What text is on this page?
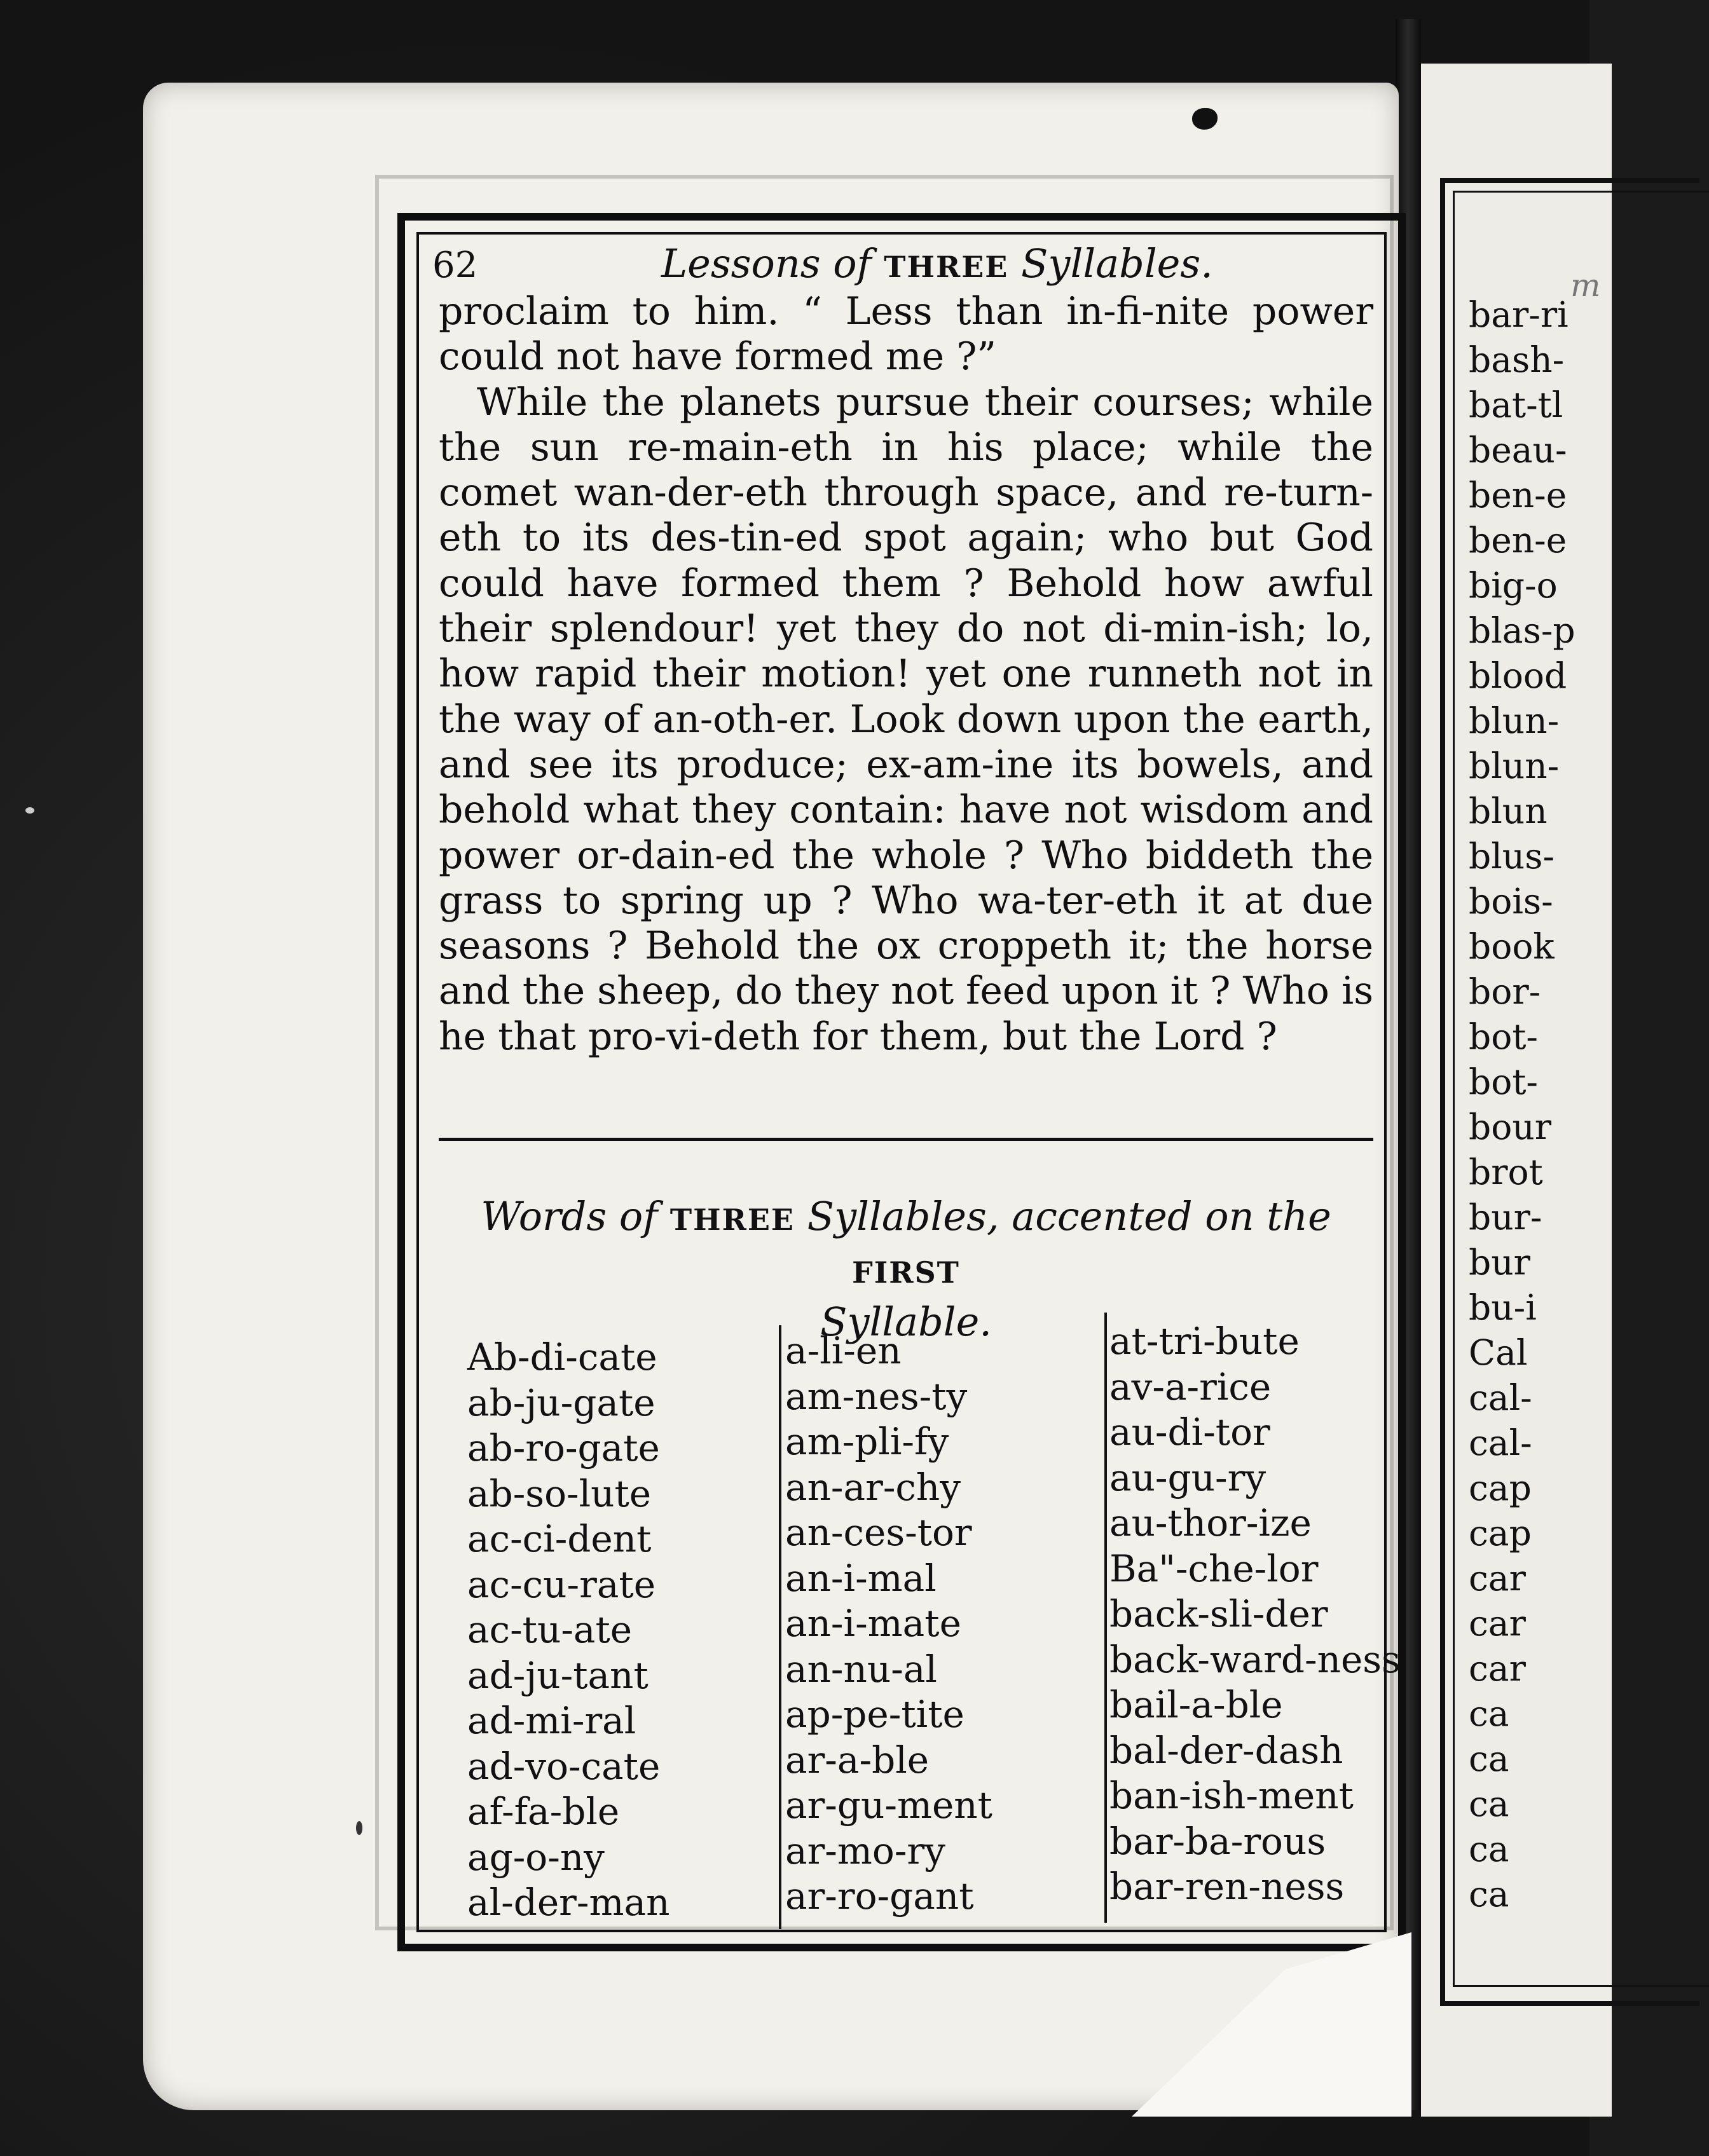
m
bar-ri
bash-
bat-tl
beau-
ben-e
ben-e
big-o
blas-p
blood
blun-
blun-
blun
blus-
bois-
book
bor-
bot-
bot-
bour
brot
bur-
bur
bu-i
Cal
cal-
cal-
cap
cap
car
car
car
ca
ca
ca
ca
ca
62	Lessons of THREE Syllables.

proclaim to him. “ Less than in-fi-nite power could not have formed me ?”

While the planets pursue their courses; while the sun re-main-eth in his place; while the comet wan-der-eth through space, and re-turn-eth to its des-tin-ed spot again; who but God could have formed them ? Behold how awful their splendour! yet they do not di-min-ish; lo, how rapid their motion! yet one runneth not in the way of an-oth-er. Look down upon the earth, and see its produce; ex-am-ine its bowels, and behold what they contain: have not wisdom and power or-dain-ed the whole ? Who biddeth the grass to spring up ? Who wa-ter-eth it at due seasons ? Behold the ox croppeth it; the horse and the sheep, do they not feed upon it ? Who is he that pro-vi-deth for them, but the Lord ?

Words of THREE Syllables, accented on the FIRST
Syllable.
Ab-di-cate
ab-ju-gate
ab-ro-gate
ab-so-lute
ac-ci-dent
ac-cu-rate
ac-tu-ate
ad-ju-tant
ad-mi-ral
ad-vo-cate
af-fa-ble
ag-o-ny
al-der-man
a-li-en
am-nes-ty
am-pli-fy
an-ar-chy
an-ces-tor
an-i-mal
an-i-mate
an-nu-al
ap-pe-tite
ar-a-ble
ar-gu-ment
ar-mo-ry
ar-ro-gant
at-tri-bute
av-a-rice
au-di-tor
au-gu-ry
au-thor-ize
Ba"-che-lor
back-sli-der
back-ward-ness
bail-a-ble
bal-der-dash
ban-ish-ment
bar-ba-rous
bar-ren-ness
